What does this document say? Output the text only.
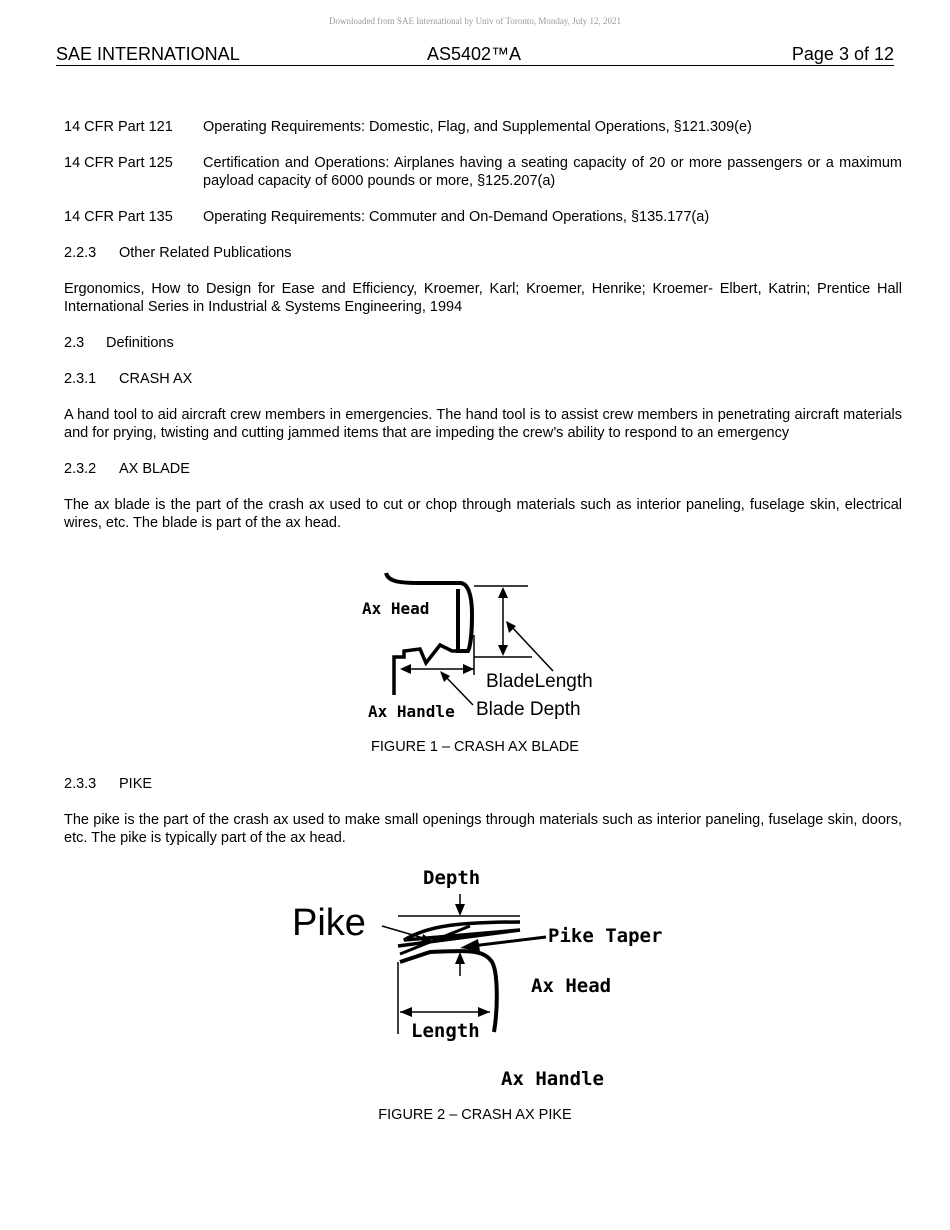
Downloaded from SAE International by Univ of Toronto, Monday, July 12, 2021
SAE INTERNATIONAL	AS5402™A	Page 3 of 12
14 CFR Part 121	Operating Requirements: Domestic, Flag, and Supplemental Operations, §121.309(e)
14 CFR Part 125	Certification and Operations: Airplanes having a seating capacity of 20 or more passengers or a maximum payload capacity of 6000 pounds or more, §125.207(a)
14 CFR Part 135	Operating Requirements: Commuter and On-Demand Operations, §135.177(a)
2.2.3 Other Related Publications
Ergonomics, How to Design for Ease and Efficiency, Kroemer, Karl; Kroemer, Henrike; Kroemer- Elbert, Katrin; Prentice Hall International Series in Industrial & Systems Engineering, 1994
2.3 Definitions
2.3.1 CRASH AX
A hand tool to aid aircraft crew members in emergencies. The hand tool is to assist crew members in penetrating aircraft materials and for prying, twisting and cutting jammed items that are impeding the crew’s ability to respond to an emergency
2.3.2 AX BLADE
The ax blade is the part of the crash ax used to cut or chop through materials such as interior paneling, fuselage skin, electrical wires, etc. The blade is part of the ax head.
Ax Head
BladeLength
Ax Handle Blade Depth
FIGURE 1 – CRASH AX BLADE
2.3.3 PIKE
The pike is the part of the crash ax used to make small openings through materials such as interior paneling, fuselage skin, doors, etc. The pike is typically part of the ax head.
Depth
Pike	Pike Taper
Ax Head
Length
Ax Handle
FIGURE 2 – CRASH AX PIKE
